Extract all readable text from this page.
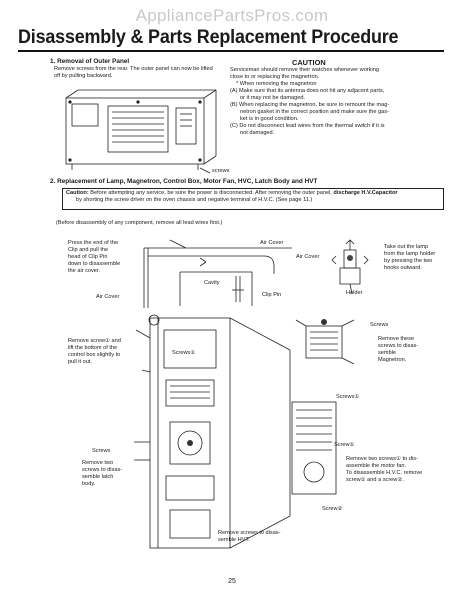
AppliancePartsPros.com
Disassembly & Parts Replacement Procedure
1. Removal of Outer Panel
Remove screws from the rear. The outer panel can now be lifted
off by pulling backward.
screws
CAUTION
Serviceman should remove their watches whenever working
close to or replacing the magnetron.
* When removing the magnetron
(A) Make sure that its antenna does not hit any adjacent parts,
or it may not be damaged.
(B) When replacing the magnetron, be sure to remount the mag-
netron gasket in the correct position and make sure the gas-
ket is in good condition.
(C) Do not disconnect lead wires from the thermal switch if it is
not damaged.
2. Replacement of Lamp, Magnetron, Control Box, Motor Fan, HVC, Latch Body and HVT
Caution: Before attempting any service, be sure the power is disconnected. After removing the outer panel, discharge H.V.Capacitor
by shorting the screw driver on the oven chassis and negative terminal of H.V.C. (See page 11.)
(Before disassembly of any component, remove all lead wires first.)
Press the end of the
Clip and pull the
head of Clip Pin
down to disassemble
the air cover.
Air Cover
Air Cover
Air Cover
Cavity
Clip Pin	Holder
Take out the lamp
from the lamp holder
by pressing the two
hooks outward.
Remove screw① and
lift the bottom of the
control box slightly to
pull it out.
Screws①
Screws
Remove these
screws to disas-
semble
Magnetron.
Screws①
Screws
Remove two
screws to disas-
semble latch
body.
Screw①
Remove two screws① to dis-
assemble the motor fan.
To disassemble H.V.C. remove
screw① and a screw②.
Screw②
Remove screws to disas-
semble HVT.
25
